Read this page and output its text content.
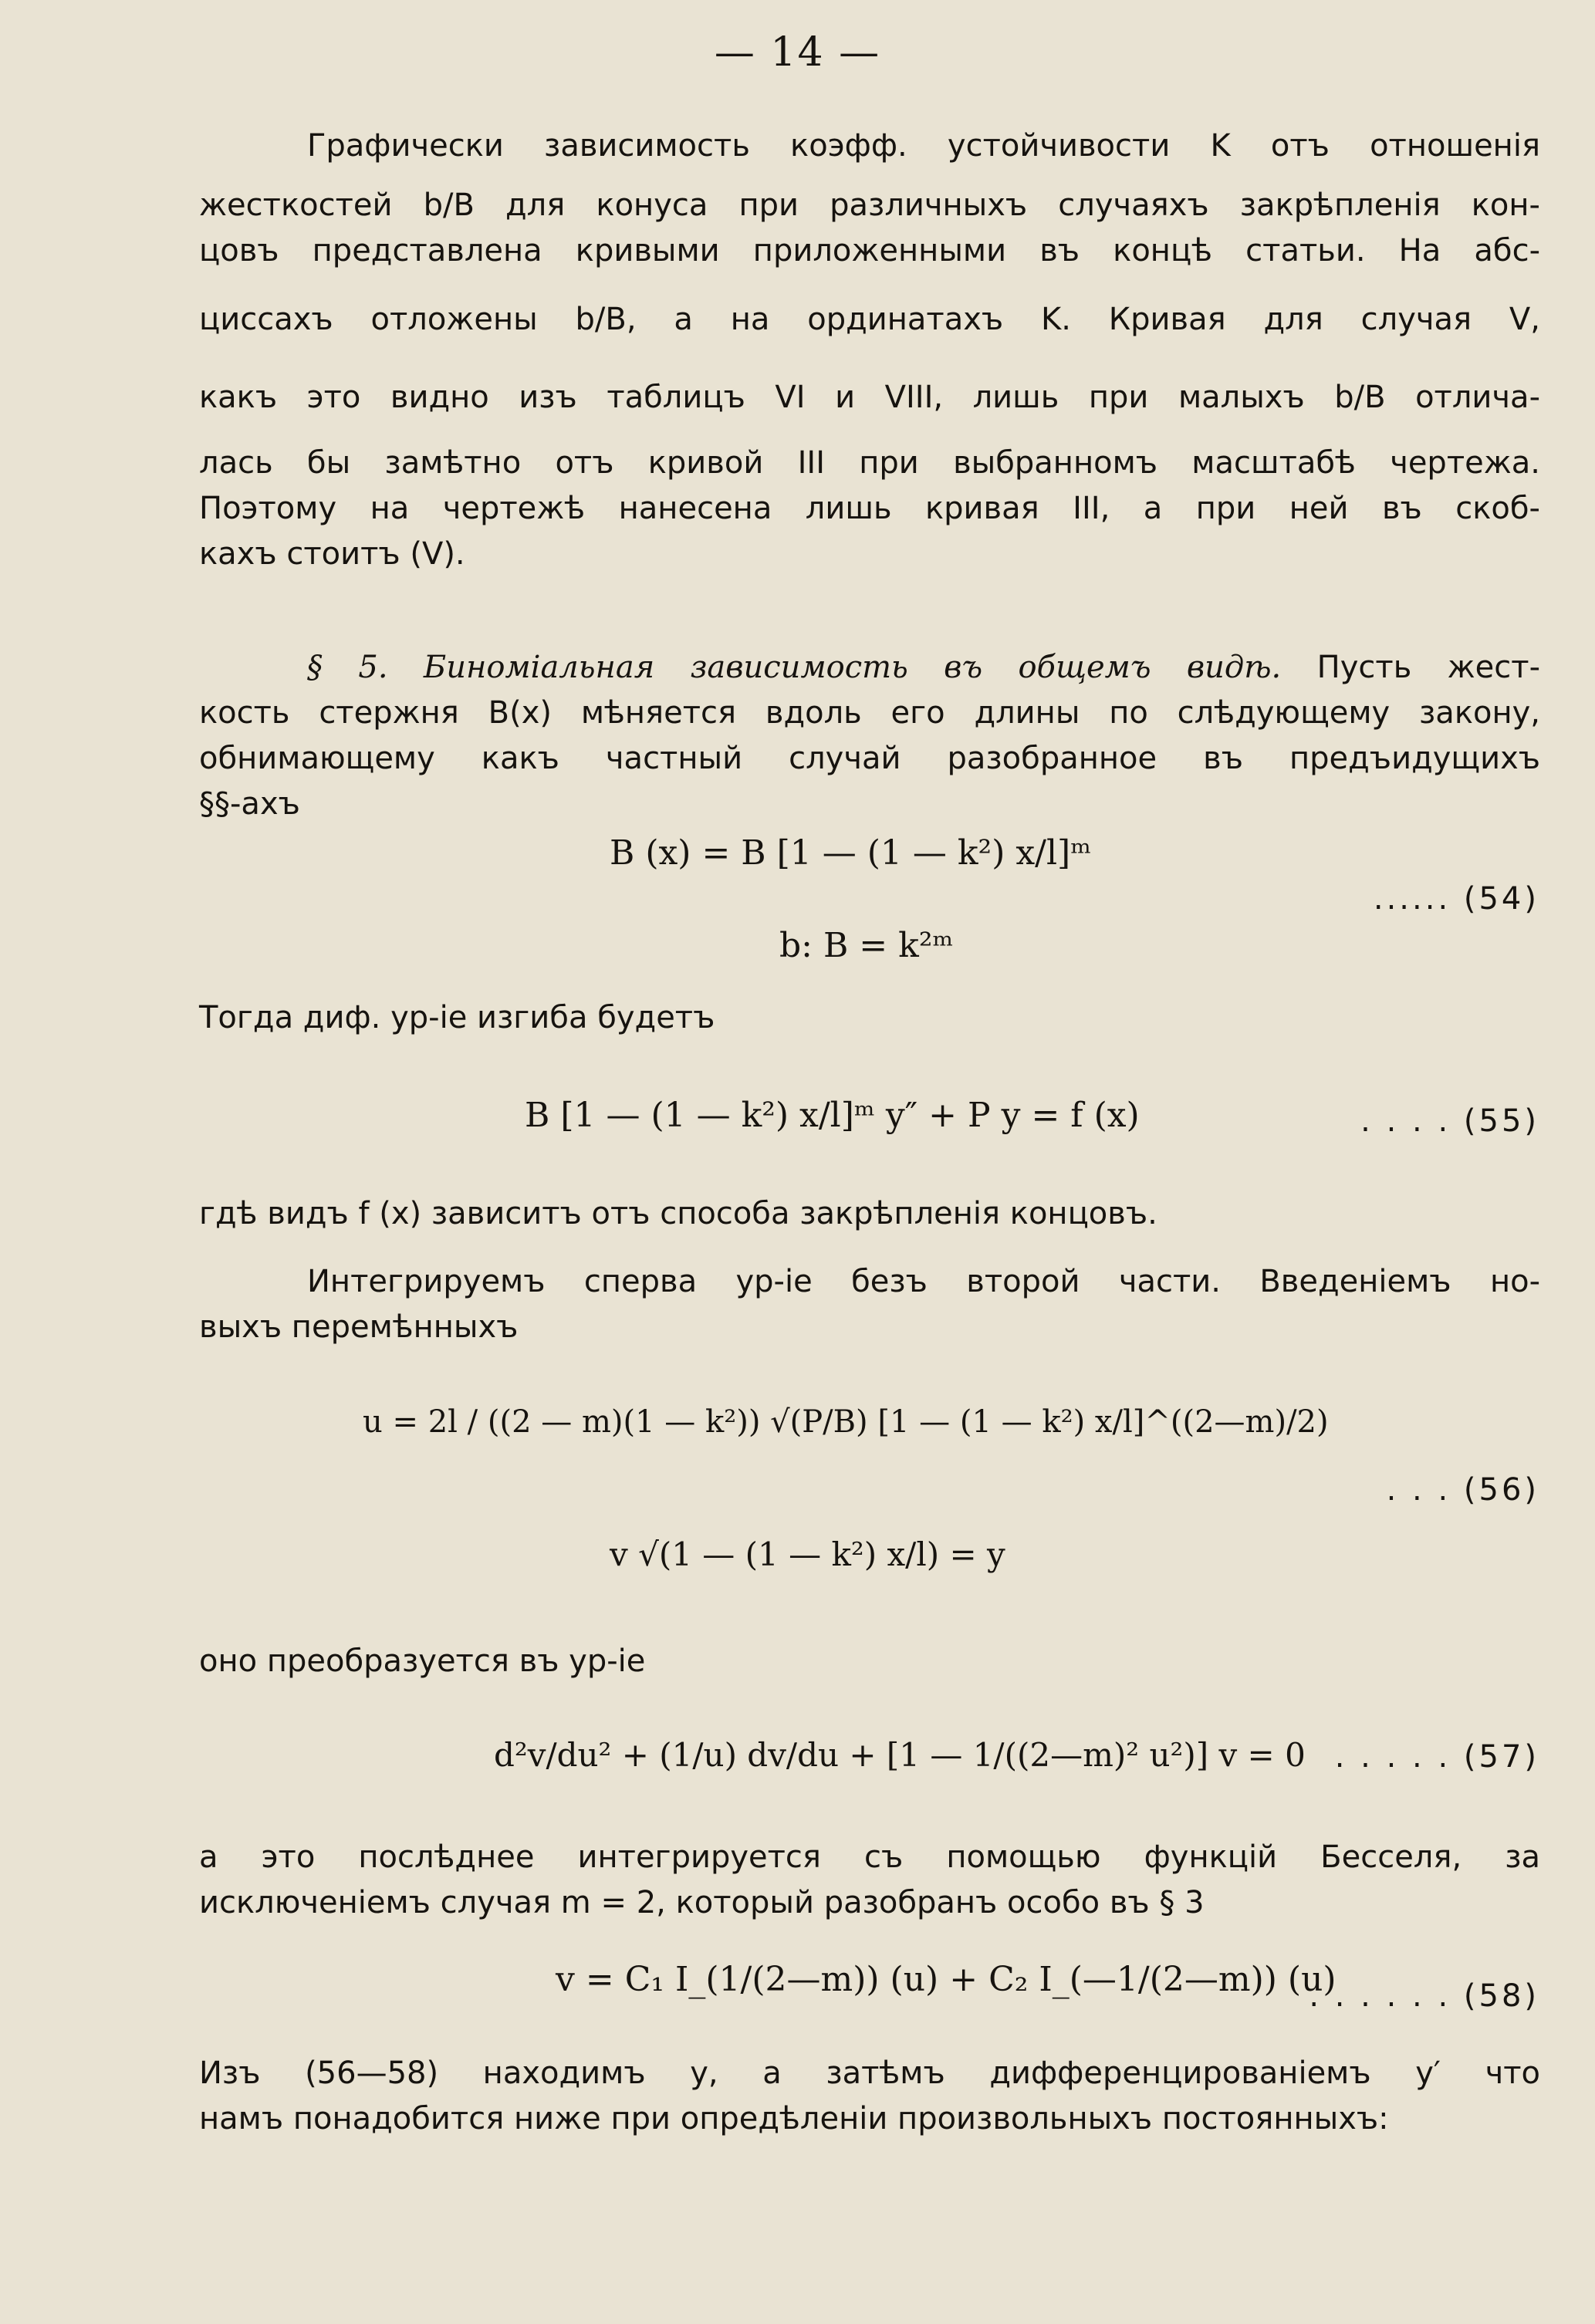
— 14 —
Графически зависимость коэфф. устойчивости K отъ отношенія
жесткостей b/B для конуса при различныхъ случаяхъ закрѣпленія кон-
цовъ представлена кривыми приложенными въ концѣ статьи. На абс-
циссахъ отложены b/B, а на ординатахъ K. Кривая для случая V,
какъ это видно изъ таблицъ VI и VIII, лишь при малыхъ b/B отлича-
лась бы замѣтно отъ кривой III при выбранномъ масштабѣ чертежа.
Поэтому на чертежѣ нанесена лишь кривая III, а при ней въ скоб-
кахъ стоитъ (V).
§ 5. Биноміальная зависимость въ общемъ видѣ. Пусть жест-
кость стержня B(x) мѣняется вдоль его длины по слѣдующему закону,
обнимающему какъ частный случай разобранное въ предъидущихъ
§§-ахъ
B (x) = B [1 — (1 — k²) x/l]ᵐ
b: B = k²ᵐ
...... (54)
Тогда диф. ур-іе изгиба будетъ
B [1 — (1 — k²) x/l]ᵐ y″ + P y = f (x)	. . . . (55)
гдѣ видъ f (x) зависитъ отъ способа закрѣпленія концовъ.
Интегрируемъ сперва ур-іе безъ второй части. Введеніемъ но-
выхъ перемѣнныхъ
u = 2l / ((2 — m)(1 — k²)) √(P/B) [1 — (1 — k²) x/l]^((2—m)/2)
v √(1 — (1 — k²) x/l) = y
. . . (56)
оно преобразуется въ ур-іе
d²v/du² + (1/u) dv/du + [1 — 1/((2—m)² u²)] v = 0 . . . . . (57)
а это послѣднее интегрируется съ помощью функцій Бесселя, за
исключеніемъ случая m = 2, который разобранъ особо въ § 3
v = C₁ I_(1/(2—m)) (u) + C₂ I_(—1/(2—m)) (u)
. . . . . . (58)
Изъ (56—58) находимъ y, а затѣмъ дифференцированіемъ y′ что
намъ понадобится ниже при опредѣленіи произвольныхъ постоянныхъ:
